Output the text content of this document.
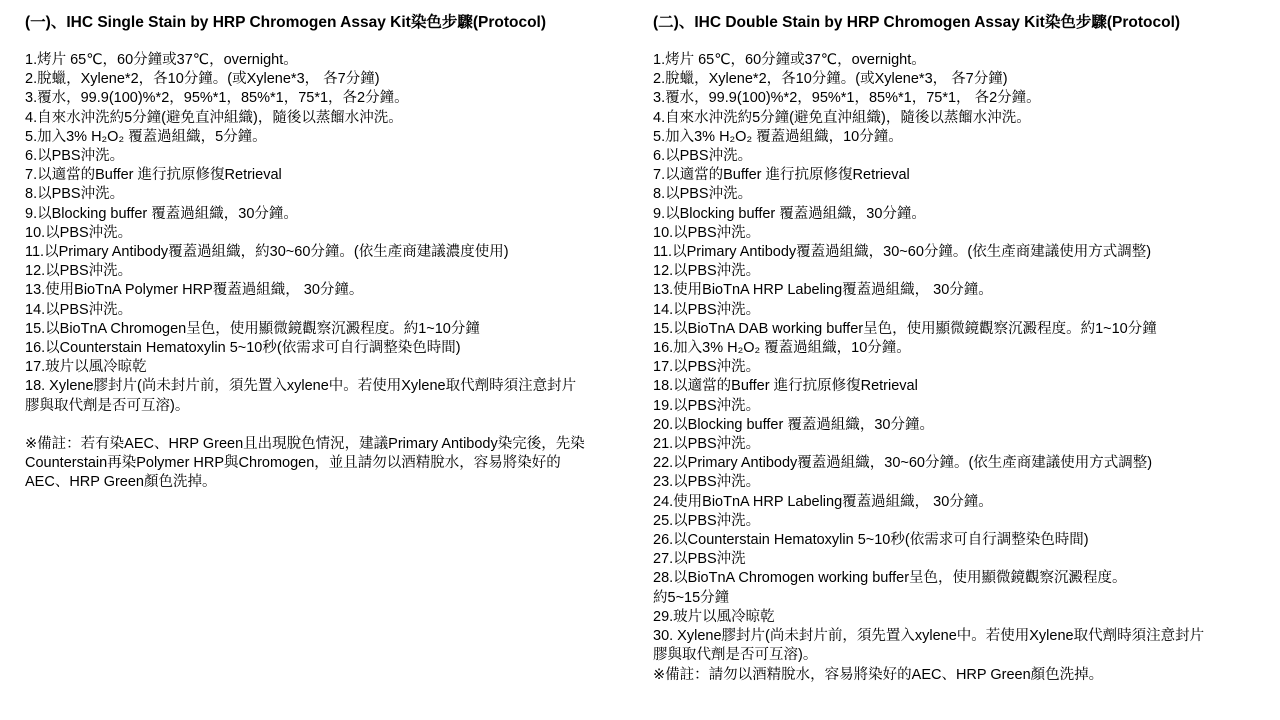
(一)、IHC Single Stain by HRP Chromogen Assay Kit染色步驟(Protocol)
1.烤片 65℃，60分鐘或37℃，overnight。
2.脫蠟，Xylene*2，各10分鐘。(或Xylene*3， 各7分鐘)
3.覆水，99.9(100)%*2，95%*1，85%*1，75*1，各2分鐘。
4.自來水沖洗約5分鐘(避免直沖組織)，隨後以蒸餾水沖洗。
5.加入3% H₂O₂ 覆蓋過組織，5分鐘。
6.以PBS沖洗。
7.以適當的Buffer 進行抗原修復Retrieval
8.以PBS沖洗。
9.以Blocking buffer 覆蓋過組織，30分鐘。
10.以PBS沖洗。
11.以Primary Antibody覆蓋過組織，約30~60分鐘。(依生產商建議濃度使用)
12.以PBS沖洗。
13.使用BioTnA Polymer HRP覆蓋過組織， 30分鐘。
14.以PBS沖洗。
15.以BioTnA Chromogen呈色，使用顯微鏡觀察沉澱程度。約1~10分鐘
16.以Counterstain Hematoxylin 5~10秒(依需求可自行調整染色時間)
17.玻片以風冷晾乾
18. Xylene膠封片(尚未封片前，須先置入xylene中。若使用Xylene取代劑時須注意封片
膠與取代劑是否可互溶)。
※備註：若有染AEC、HRP Green且出現脫色情況，建議Primary Antibody染完後，先染
Counterstain再染Polymer HRP與Chromogen，並且請勿以酒精脫水，容易將染好的
AEC、HRP Green顏色洗掉。
(二)、IHC Double Stain by HRP Chromogen Assay Kit染色步驟(Protocol)
1.烤片 65℃，60分鐘或37℃，overnight。
2.脫蠟，Xylene*2，各10分鐘。(或Xylene*3， 各7分鐘)
3.覆水，99.9(100)%*2，95%*1，85%*1，75*1， 各2分鐘。
4.自來水沖洗約5分鐘(避免直沖組織)，隨後以蒸餾水沖洗。
5.加入3% H₂O₂ 覆蓋過組織，10分鐘。
6.以PBS沖洗。
7.以適當的Buffer 進行抗原修復Retrieval
8.以PBS沖洗。
9.以Blocking buffer 覆蓋過組織，30分鐘。
10.以PBS沖洗。
11.以Primary Antibody覆蓋過組織，30~60分鐘。(依生產商建議使用方式調整)
12.以PBS沖洗。
13.使用BioTnA HRP Labeling覆蓋過組織， 30分鐘。
14.以PBS沖洗。
15.以BioTnA DAB working buffer呈色，使用顯微鏡觀察沉澱程度。約1~10分鐘
16.加入3% H₂O₂ 覆蓋過組織，10分鐘。
17.以PBS沖洗。
18.以適當的Buffer 進行抗原修復Retrieval
19.以PBS沖洗。
20.以Blocking buffer 覆蓋過組織，30分鐘。
21.以PBS沖洗。
22.以Primary Antibody覆蓋過組織，30~60分鐘。(依生產商建議使用方式調整)
23.以PBS沖洗。
24.使用BioTnA HRP Labeling覆蓋過組織， 30分鐘。
25.以PBS沖洗。
26.以Counterstain Hematoxylin 5~10秒(依需求可自行調整染色時間)
27.以PBS沖洗
28.以BioTnA Chromogen working buffer呈色，使用顯微鏡觀察沉澱程度。
約5~15分鐘
29.玻片以風冷晾乾
30. Xylene膠封片(尚未封片前，須先置入xylene中。若使用Xylene取代劑時須注意封片
膠與取代劑是否可互溶)。
※備註：請勿以酒精脫水，容易將染好的AEC、HRP Green顏色洗掉。
